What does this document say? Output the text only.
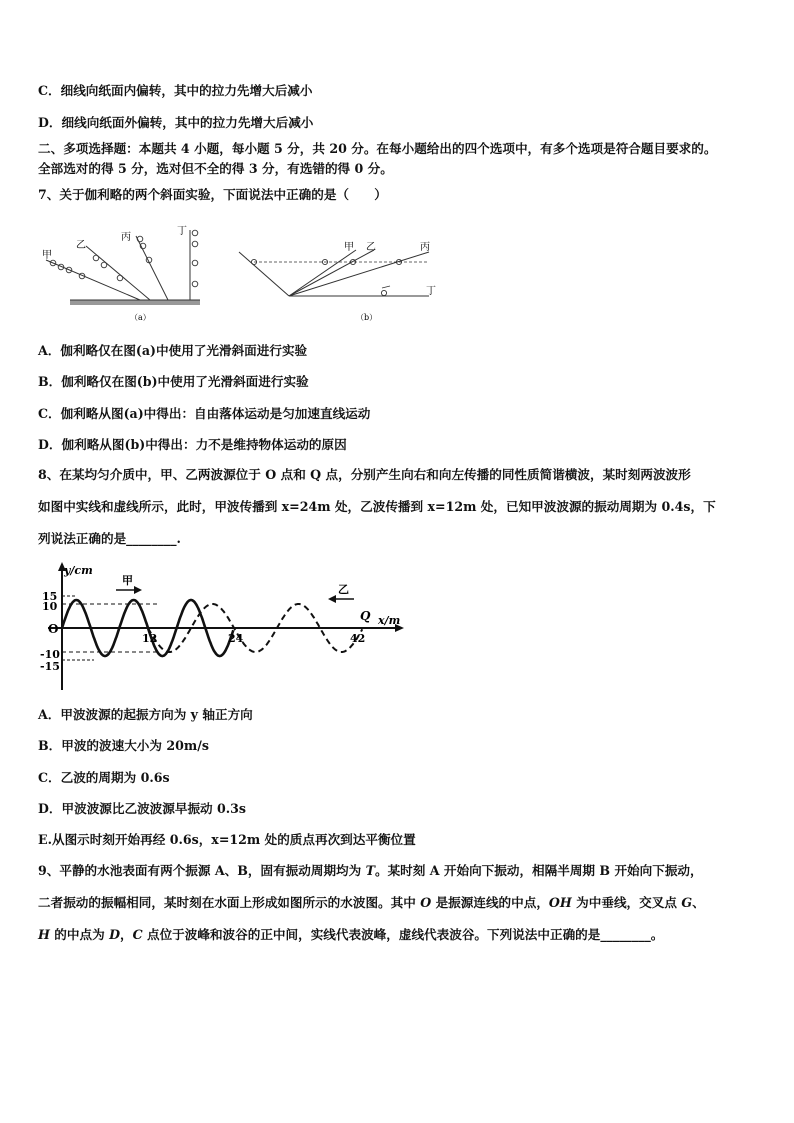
C．细线向纸面内偏转，其中的拉力先增大后减小
D．细线向纸面外偏转，其中的拉力先增大后减小
二、多项选择题：本题共 4 小题，每小题 5 分，共 20 分。在每小题给出的四个选项中，有多个选项是符合题目要求的。
全部选对的得 5 分，选对但不全的得 3 分，有选错的得 0 分。
7、关于伽利略的两个斜面实验，下面说法中正确的是（　　）
甲
乙
丙
丁
（a）
甲 乙	丙
丁
（b）
A．伽利略仅在图(a)中使用了光滑斜面进行实验
B．伽利略仅在图(b)中使用了光滑斜面进行实验
C．伽利略从图(a)中得出：自由落体运动是匀加速直线运动
D．伽利略从图(b)中得出：力不是维持物体运动的原因
8、在某均匀介质中，甲、乙两波源位于 O 点和 Q 点，分别产生向右和向左传播的同性质简谐横波，某时刻两波波形
如图中实线和虚线所示，此时，甲波传播到 x=24m 处，乙波传播到 x=12m 处，已知甲波波源的振动周期为 0.4s，下
列说法正确的是________.
y/cm
x/m
O
Q
甲
乙
15
10
-10
-15
12	24	42
A．甲波波源的起振方向为 y 轴正方向
B．甲波的波速大小为 20m/s
C．乙波的周期为 0.6s
D．甲波波源比乙波波源早振动 0.3s
E.从图示时刻开始再经 0.6s，x=12m 处的质点再次到达平衡位置
9、平静的水池表面有两个振源 A、B，固有振动周期均为 T。某时刻 A 开始向下振动，相隔半周期 B 开始向下振动，
二者振动的振幅相同，某时刻在水面上形成如图所示的水波图。其中 O 是振源连线的中点，OH 为中垂线，交叉点 G、
H 的中点为 D，C 点位于波峰和波谷的正中间，实线代表波峰，虚线代表波谷。下列说法中正确的是________。
